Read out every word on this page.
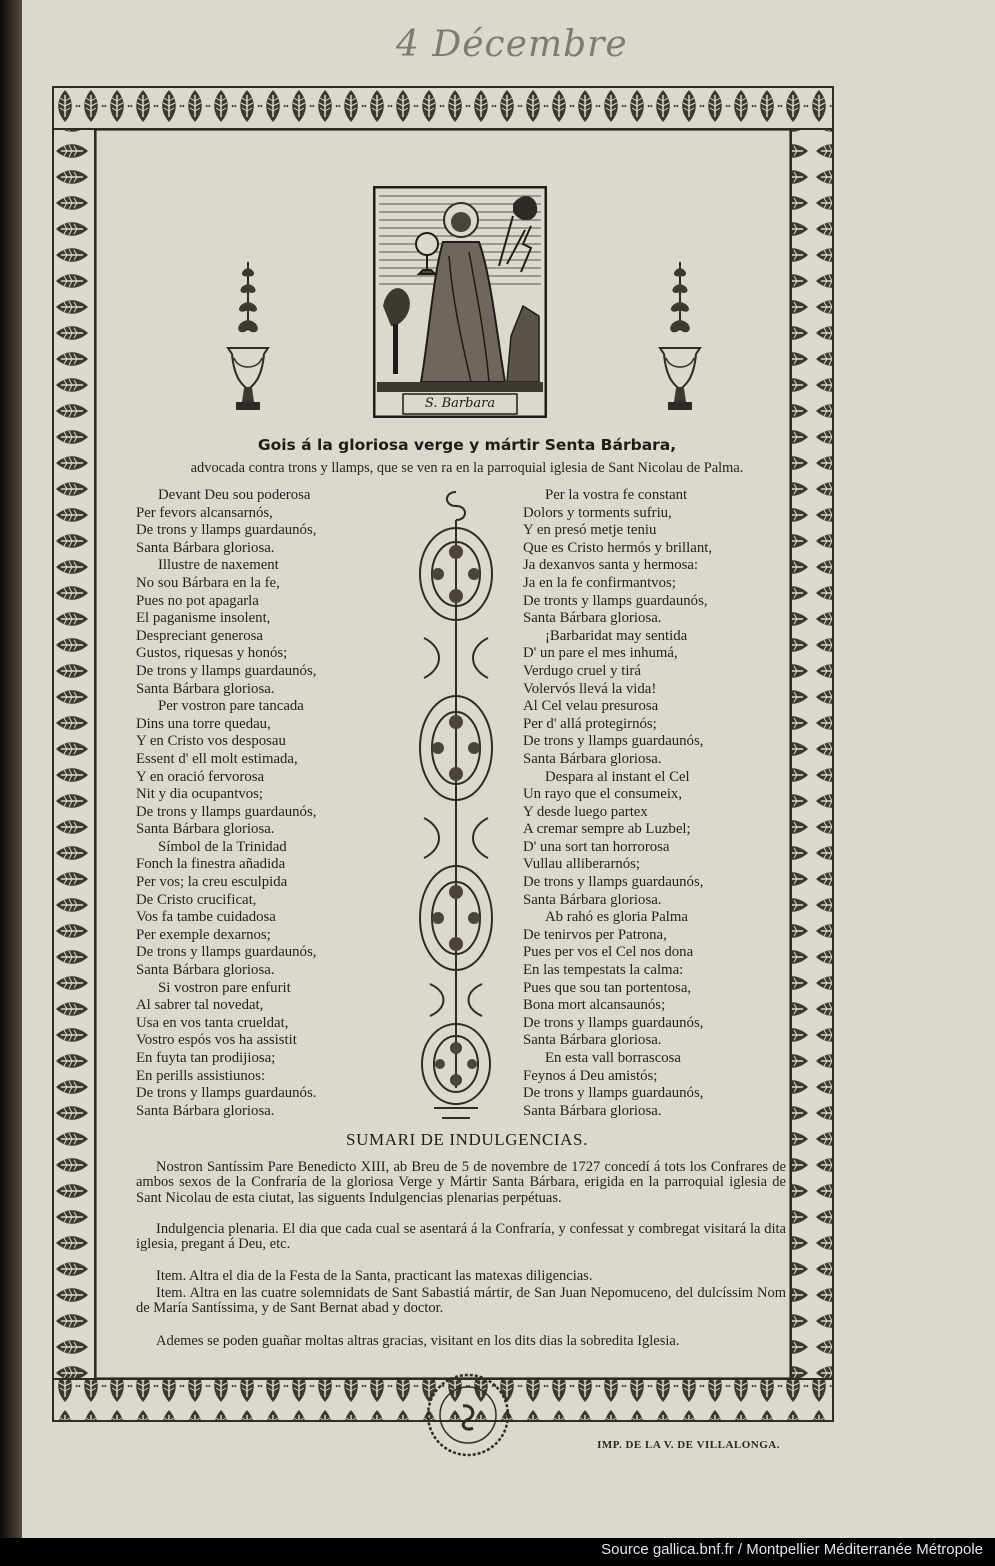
4 Décembre
S. Barbara
Gois á la gloriosa verge y mártir Senta Bárbara,
advocada contra trons y llamps, que se ven ra en la parroquial iglesia de Sant Nicolau de Palma.
Devant Deu sou poderosa
Per fevors alcansarnós,
De trons y llamps guardaunós,
Santa Bárbara gloriosa.
Illustre de naxement
No sou Bárbara en la fe,
Pues no pot apagarla
El paganisme insolent,
Despreciant generosa
Gustos, riquesas y honós;
De trons y llamps guardaunós,
Santa Bárbara gloriosa.
Per vostron pare tancada
Dins una torre quedau,
Y en Cristo vos desposau
Essent d' ell molt estimada,
Y en oració fervorosa
Nit y dia ocupantvos;
De trons y llamps guardaunós,
Santa Bárbara gloriosa.
Símbol de la Trinidad
Fonch la finestra añadida
Per vos; la creu esculpida
De Cristo crucificat,
Vos fa tambe cuidadosa
Per exemple dexarnos;
De trons y llamps guardaunós,
Santa Bárbara gloriosa.
Si vostron pare enfurit
Al sabrer tal novedat,
Usa en vos tanta crueldat,
Vostro espós vos ha assistit
En fuyta tan prodijiosa;
En perills assistiunos:
De trons y llamps guardaunós.
Santa Bárbara gloriosa.
Per la vostra fe constant
Dolors y torments sufriu,
Y en presó metje teniu
Que es Cristo hermós y brillant,
Ja dexanvos santa y hermosa:
Ja en la fe confirmantvos;
De tronts y llamps guardaunós,
Santa Bárbara gloriosa.
¡Barbaridat may sentida
D' un pare el mes inhumá,
Verdugo cruel y tirá
Volervós llevá la vida!
Al Cel velau presurosa
Per d' allá protegirnós;
De trons y llamps guardaunós,
Santa Bárbara gloriosa.
Despara al instant el Cel
Un rayo que el consumeix,
Y desde luego partex
A cremar sempre ab Luzbel;
D' una sort tan horrorosa
Vullau alliberarnós;
De trons y llamps guardaunós,
Santa Bárbara gloriosa.
Ab rahó es gloria Palma
De tenirvos per Patrona,
Pues per vos el Cel nos dona
En las tempestats la calma:
Pues que sou tan portentosa,
Bona mort alcansaunós;
De trons y llamps guardaunós,
Santa Bárbara gloriosa.
En esta vall borrascosa
Feynos á Deu amistós;
De trons y llamps guardaunós,
Santa Bárbara gloriosa.
SUMARI DE INDULGENCIAS.
Nostron Santíssim Pare Benedicto XIII, ab Breu de 5 de novembre de 1727 concedí á tots los Confrares de ambos sexos de la Confraría de la gloriosa Verge y Mártir Santa Bárbara, erigida en la parroquial iglesia de Sant Nicolau de esta ciutat, las siguents Indulgencias plenarias perpétuas.
Indulgencia plenaria. El dia que cada cual se asentará á la Confraría, y confessat y combregat visitará la dita iglesia, pregant á Deu, etc.
Item. Altra el dia de la Festa de la Santa, practicant las matexas diligencias.
Item. Altra en las cuatre solemnidats de Sant Sabastiá mártir, de San Juan Nepomuceno, del dulcíssim Nom de María Santíssima, y de Sant Bernat abad y doctor.
Ademes se poden guañar moltas altras gracias, visitant en los dits dias la sobredita Iglesia.
IMP. DE LA V. DE VILLALONGA.
Source gallica.bnf.fr / Montpellier Méditerranée Métropole
